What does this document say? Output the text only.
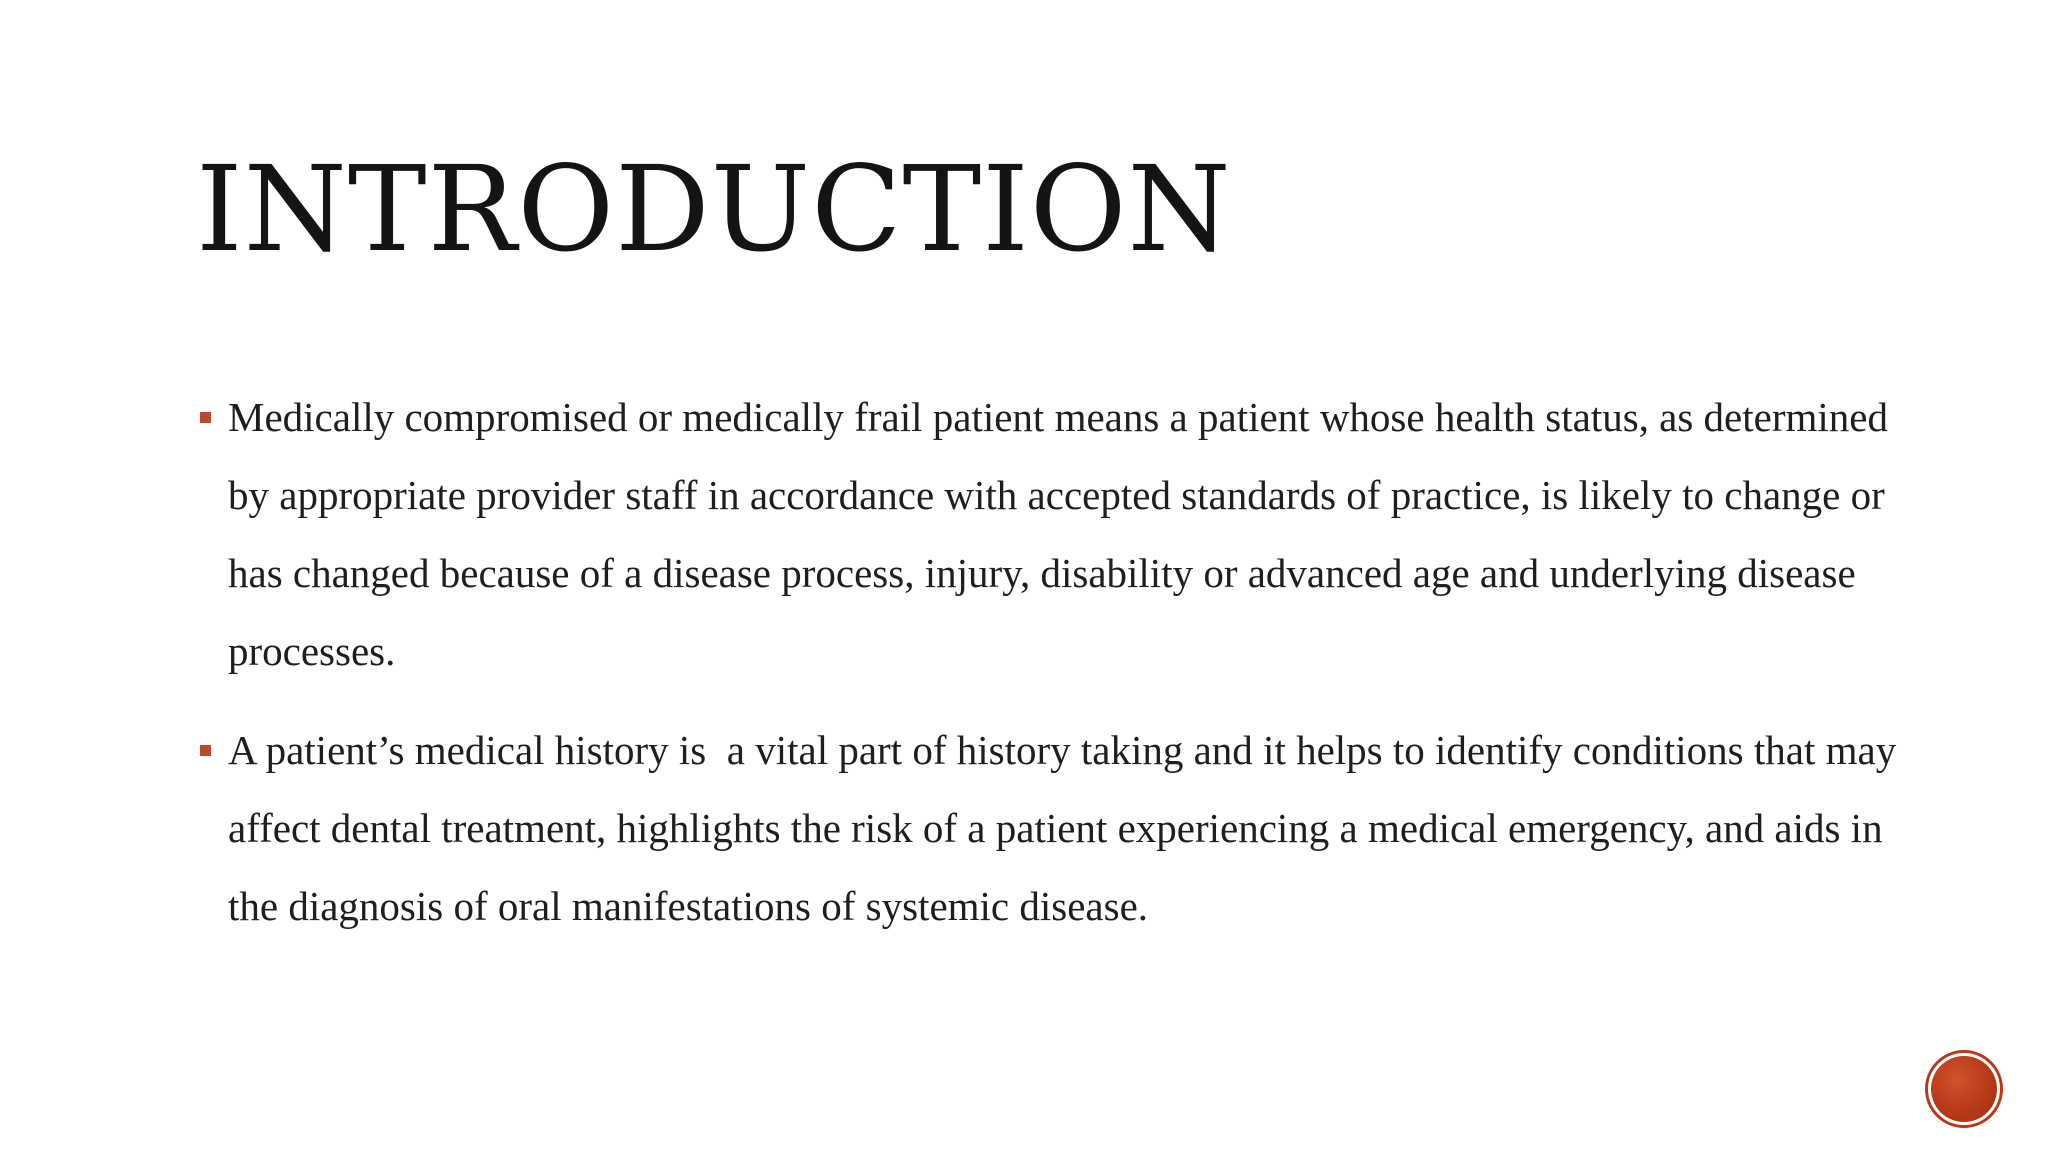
INTRODUCTION
Medically compromised or medically frail patient means a patient whose health status, as determined by appropriate provider staff in accordance with accepted standards of practice, is likely to change or has changed because of a disease process, injury, disability or advanced age and underlying disease processes.
A patient’s medical history is  a vital part of history taking and it helps to identify conditions that may affect dental treatment, highlights the risk of a patient experiencing a medical emergency, and aids in the diagnosis of oral manifestations of systemic disease.
